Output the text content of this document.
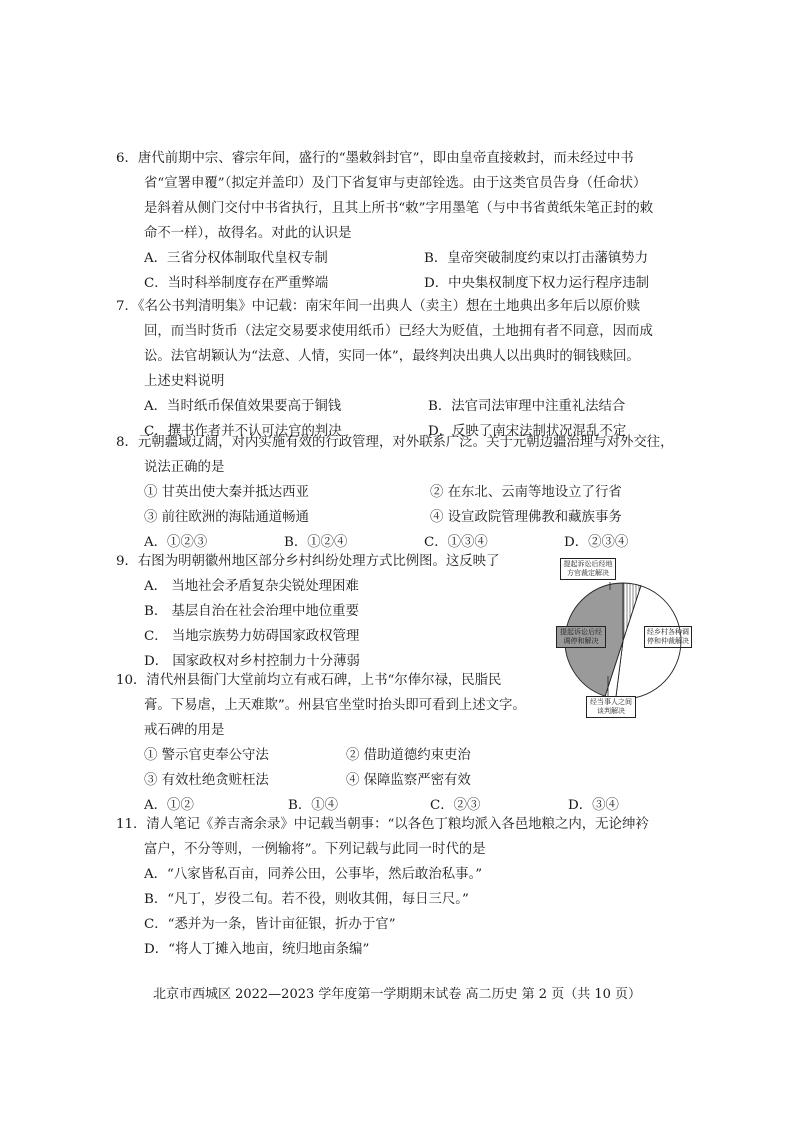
6．唐代前期中宗、睿宗年间，盛行的“墨敕斜封官”，即由皇帝直接敕封，而未经过中书
省“宣署申覆”（拟定并盖印）及门下省复审与吏部铨选。由于这类官员告身（任命状）
是斜着从侧门交付中书省执行，且其上所书“敕”字用墨笔（与中书省黄纸朱笔正封的敕
命不一样），故得名。对此的认识是
A．三省分权体制取代皇权专制	B．皇帝突破制度约束以打击藩镇势力
C．当时科举制度存在严重弊端	D．中央集权制度下权力运行程序违制
7．《名公书判清明集》中记载：南宋年间一出典人（卖主）想在土地典出多年后以原价赎
回，而当时货币（法定交易要求使用纸币）已经大为贬值，土地拥有者不同意，因而成
讼。法官胡颖认为“法意、人情，实同一体”，最终判决出典人以出典时的铜钱赎回。
上述史料说明
A．当时纸币保值效果要高于铜钱	B．法官司法审理中注重礼法结合
C．撰书作者并不认可法官的判决	D．反映了南宋法制状况混乱不定
8．元朝疆域辽阔，对内实施有效的行政管理，对外联系广泛。关于元朝边疆治理与对外交往，
说法正确的是
① 甘英出使大秦并抵达西亚	② 在东北、云南等地设立了行省
③ 前往欧洲的海陆通道畅通	④ 设宣政院管理佛教和藏族事务
A．①②③	B．①②④	C．①③④	D．②③④
9．右图为明朝徽州地区部分乡村纠纷处理方式比例图。这反映了
A． 当地社会矛盾复杂尖锐处理困难
B． 基层自治在社会治理中地位重要
C． 当地宗族势力妨碍国家政权管理
D． 国家政权对乡村控制力十分薄弱
提起诉讼后经地方官裁定解决
经乡村各种调停和仲裁解决
经当事人之间谈判解决
提起诉讼后经调停和解决
10．清代州县衙门大堂前均立有戒石碑，上书“尔俸尔禄，民脂民
膏。下易虐，上天难欺”。州县官坐堂时抬头即可看到上述文字。
戒石碑的用是
① 警示官吏奉公守法	② 借助道德约束吏治
③ 有效杜绝贪赃枉法	④ 保障监察严密有效
A．①②	B．①④	C．②③	D．③④
11．清人笔记《养吉斋余录》中记载当朝事：“以各色丁粮均派入各邑地粮之内，无论绅衿
富户，不分等则，一例输将”。下列记载与此同一时代的是
A．“八家皆私百亩，同养公田，公事毕，然后敢治私事。”
B．“凡丁，岁役二旬。若不役，则收其佣，每日三尺。”
C．“悉并为一条，皆计亩征银，折办于官”
D．“将人丁摊入地亩，统归地亩条编”
北京市西城区 2022—2023 学年度第一学期期末试卷 高二历史 第 2 页（共 10 页）
